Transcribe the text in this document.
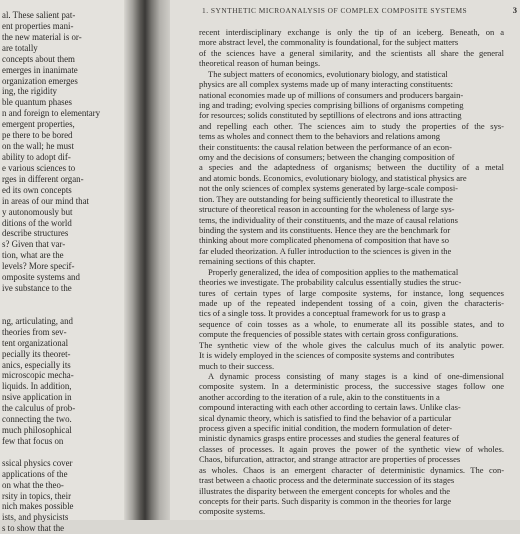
al. These salient pat-
ent properties mani-
the new material is or-
are totally
concepts about them
emerges in inanimate
organization emerges
ing, the rigidity
ble quantum phases
n and foreign to elementary
emergent properties,
pe there to be bored
on the wall; he must
ability to adopt dif-
e various sciences to
rges in different organ-
ed its own concepts
in areas of our mind that
y autonomously but
ditions of the world
describe structures
s? Given that var-
tion, what are the
levels? More specif-
omposite systems and
ive substance to the
ng, articulating, and
theories from sev-
tent organizational
pecially its theoret-
anics, especially its
microscopic mecha-
liquids. In addition,
nsive application in
the calculus of prob-
connecting the two.
much philosophical
few that focus on
ssical physics cover
applications of the
on what the theo-
rsity in topics, their
nich makes possible
ists, and physicists
s to show that the
1. SYNTHETIC MICROANALYSIS OF COMPLEX COMPOSITE SYSTEMS	3
recent interdisciplinary exchange is only the tip of an iceberg. Beneath, on a
more abstract level, the commonality is foundational, for the subject matters
of the sciences have a general similarity, and the scientists all share the general
theoretical reason of human beings.
The subject matters of economics, evolutionary biology, and statistical
physics are all complex systems made up of many interacting constituents:
national economies made up of millions of consumers and producers bargain-
ing and trading; evolving species comprising billions of organisms competing
for resources; solids constituted by septillions of electrons and ions attracting
and repelling each other. The sciences aim to study the properties of the sys-
tems as wholes and connect them to the behaviors and relations among
their constituents: the causal relation between the performance of an econ-
omy and the decisions of consumers; between the changing composition of
a species and the adaptedness of organisms; between the ductility of a metal
and atomic bonds. Economics, evolutionary biology, and statistical physics are
not the only sciences of complex systems generated by large-scale composi-
tion. They are outstanding for being sufficiently theoretical to illustrate the
structure of theoretical reason in accounting for the wholeness of large sys-
tems, the individuality of their constituents, and the maze of causal relations
binding the system and its constituents. Hence they are the benchmark for
thinking about more complicated phenomena of composition that have so
far eluded theorization. A fuller introduction to the sciences is given in the
remaining sections of this chapter.
Properly generalized, the idea of composition applies to the mathematical
theories we investigate. The probability calculus essentially studies the struc-
tures of certain types of large composite systems, for instance, long sequences
made up of the repeated independent tossing of a coin, given the characteris-
tics of a single toss. It provides a conceptual framework for us to grasp a
sequence of coin tosses as a whole, to enumerate all its possible states, and to
compute the frequencies of possible states with certain gross configurations.
The synthetic view of the whole gives the calculus much of its analytic power.
It is widely employed in the sciences of composite systems and contributes
much to their success.
A dynamic process consisting of many stages is a kind of one-dimensional
composite system. In a deterministic process, the successive stages follow one
another according to the iteration of a rule, akin to the constituents in a
compound interacting with each other according to certain laws. Unlike clas-
sical dynamic theory, which is satisfied to find the behavior of a particular
process given a specific initial condition, the modern formulation of deter-
ministic dynamics grasps entire processes and studies the general features of
classes of processes. It again proves the power of the synthetic view of wholes.
Chaos, bifurcation, attractor, and strange attractor are properties of processes
as wholes. Chaos is an emergent character of deterministic dynamics. The con-
trast between a chaotic process and the determinate succession of its stages
illustrates the disparity between the emergent concepts for wholes and the
concepts for their parts. Such disparity is common in the theories for large
composite systems.
